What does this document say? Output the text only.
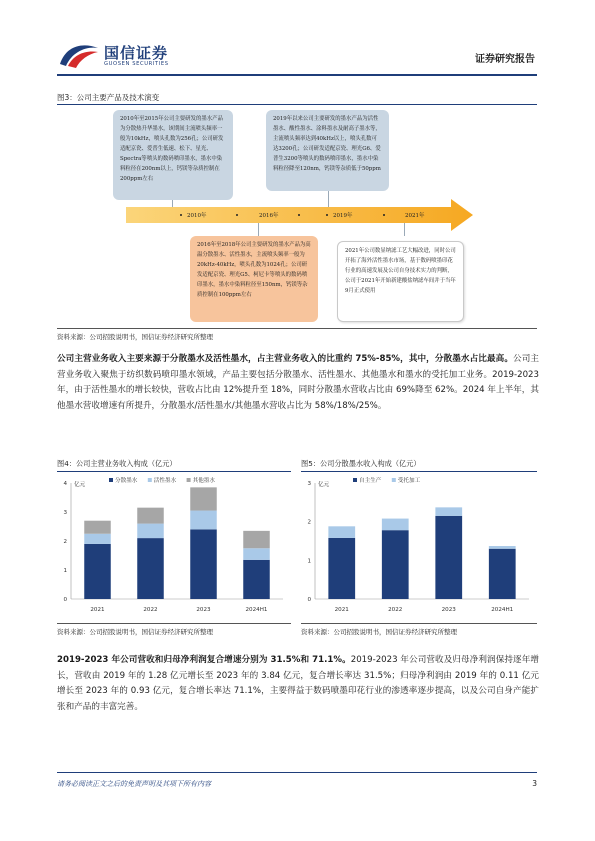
国信证券
GUOSEN SECURITIES	证券研究报告
图3：公司主要产品及技术演变
2010年至2015年公司主要研发的墨水产品为分散热升华墨水，该期间主流喷头频率一般为10kHz，喷头孔数为256孔；公司研发适配京瓷、爱普生低速、松下、星光、Spectra等喷头的数码喷印墨水，墨水中染料粒径在200nm以上，钙镁等杂质控制在200ppm左右
2019年以来公司主要研发的墨水产品为活性墨水、酸性墨水、涂料墨水及耐高子墨水等，主流喷头频率达到40kHz以上，喷头孔数可达3200孔；公司研发适配京瓷、理光G6、爱普生3200等喷头的数码喷印墨水，墨水中染料粒径降至120nm，钙镁等杂质低于50ppm
2010年	2016年	2019年	2021年
2016年至2018年公司主要研发的墨水产品为高温分散墨水、活性墨水，主流喷头频率一般为20kHz-40kHz，喷头孔数为1024孔；公司研发适配京瓷、理光G5、柯尼卡等喷头的数码喷印墨水，墨水中染料粒径至150nm，钙镁等杂质控制在100ppm左右
2021年公司数显纳滤工艺大幅改进，同时公司开拓了海外活性墨水市场，基于数码喷墨印花行业的高速发展及公司自身技术实力的判断，公司于2021年开始新建酸盐纳滤车间并于当年9月正式使用
资料来源：公司招股说明书，国信证券经济研究所整理
公司主营业务收入主要来源于分散墨水及活性墨水，占主营业务收入的比重约 75%-85%，其中，分散墨水占比最高。公司主营业务收入聚焦于纺织数码喷印墨水领域，产品主要包括分散墨水、活性墨水、其他墨水和墨水的受托加工业务。2019-2023 年，由于活性墨水的增长较快，营收占比由 12%提升至 18%，同时分散墨水营收占比由 69%降至 62%。2024 年上半年，其他墨水营收增速有所提升，分散墨水/活性墨水/其他墨水营收占比为 58%/18%/25%。
图4：公司主营业务收入构成（亿元）
亿元
0
1
2
3
4	分散墨水	活性墨水	其他墨水
2021	2022	2023	2024H1
资料来源：公司招股说明书，国信证券经济研究所整理
图5：公司分散墨水收入构成（亿元）
亿元
0
1
2
3	自主生产	受托加工
2021	2022	2023	2024H1
资料来源：公司招股说明书，国信证券经济研究所整理
2019-2023 年公司营收和归母净利润复合增速分别为 31.5%和 71.1%。2019-2023 年公司营收及归母净利润保持逐年增长，营收由 2019 年的 1.28 亿元增长至 2023 年的 3.84 亿元，复合增长率达 31.5%；归母净利润由 2019 年的 0.11 亿元增长至 2023 年的 0.93 亿元，复合增长率达 71.1%，主要得益于数码喷墨印花行业的渗透率逐步提高，以及公司自身产能扩张和产品的丰富完善。
请务必阅读正文之后的免责声明及其项下所有内容	3
